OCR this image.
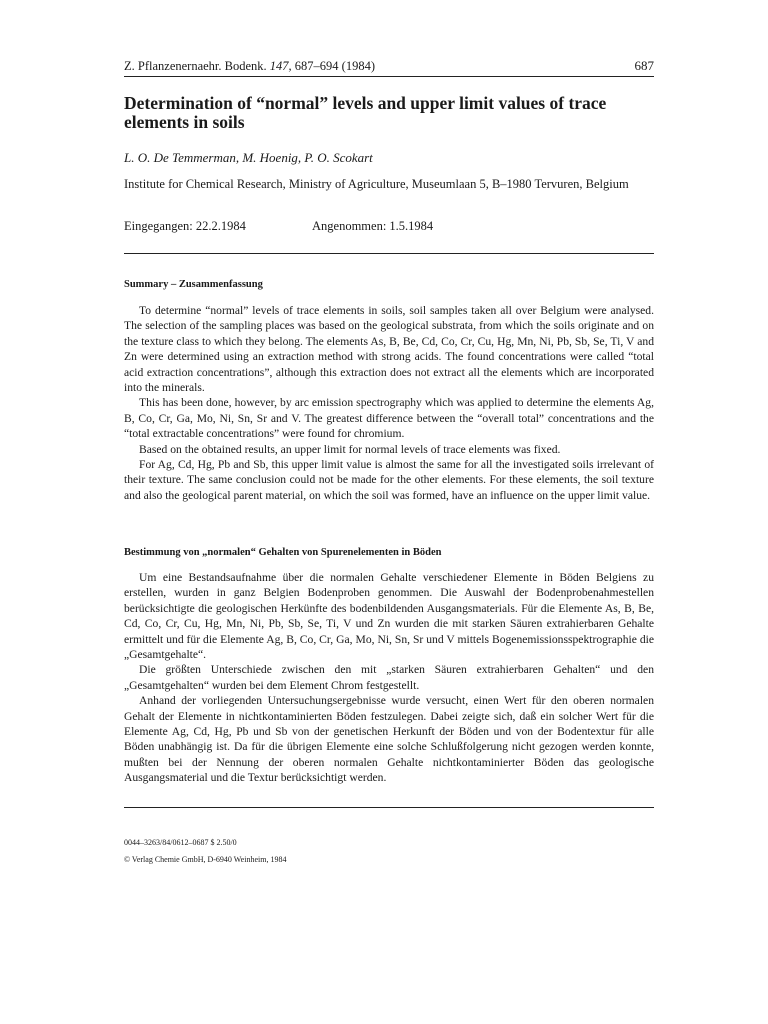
Z. Pflanzenernaehr. Bodenk. 147, 687–694 (1984)	687
Determination of “normal” levels and upper limit values of trace elements in soils
L. O. De Temmerman, M. Hoenig, P. O. Scokart
Institute for Chemical Research, Ministry of Agriculture, Museumlaan 5, B–1980 Tervuren, Belgium
Eingegangen: 22.2.1984	Angenommen: 1.5.1984
Summary – Zusammenfassung

To determine “normal” levels of trace elements in soils, soil samples taken all over Belgium were analysed. The selection of the sampling places was based on the geological substrata, from which the soils originate and on the texture class to which they belong. The elements As, B, Be, Cd, Co, Cr, Cu, Hg, Mn, Ni, Pb, Sb, Se, Ti, V and Zn were determined using an extraction method with strong acids. The found concentrations were called “total acid extraction concentrations”, although this extraction does not extract all the elements which are incorporated into the minerals.

This has been done, however, by arc emission spectrography which was applied to determine the elements Ag, B, Co, Cr, Ga, Mo, Ni, Sn, Sr and V. The greatest difference between the “overall total” concentrations and the “total extractable concentrations” were found for chromium.

Based on the obtained results, an upper limit for normal levels of trace elements was fixed.

For Ag, Cd, Hg, Pb and Sb, this upper limit value is almost the same for all the investigated soils irrelevant of their texture. The same conclusion could not be made for the other elements. For these elements, the soil texture and also the geological parent material, on which the soil was formed, have an influence on the upper limit value.

Bestimmung von „normalen“ Gehalten von Spurenelementen in Böden

Um eine Bestandsaufnahme über die normalen Gehalte verschiedener Elemente in Böden Belgiens zu erstellen, wurden in ganz Belgien Bodenproben genommen. Die Auswahl der Bodenprobenahmestellen berücksichtigte die geologischen Herkünfte des bodenbildenden Ausgangsmaterials. Für die Elemente As, B, Be, Cd, Co, Cr, Cu, Hg, Mn, Ni, Pb, Sb, Se, Ti, V und Zn wurden die mit starken Säuren extrahierbaren Gehalte ermittelt und für die Elemente Ag, B, Co, Cr, Ga, Mo, Ni, Sn, Sr und V mittels Bogenemissionsspektrographie die „Gesamtgehalte“.

Die größten Unterschiede zwischen den mit „starken Säuren extrahierbaren Gehalten“ und den „Gesamtgehalten“ wurden bei dem Element Chrom festgestellt.

Anhand der vorliegenden Untersuchungsergebnisse wurde versucht, einen Wert für den oberen normalen Gehalt der Elemente in nichtkontaminierten Böden festzulegen. Dabei zeigte sich, daß ein solcher Wert für die Elemente Ag, Cd, Hg, Pb und Sb von der genetischen Herkunft der Böden und von der Bodentextur für alle Böden unabhängig ist. Da für die übrigen Elemente eine solche Schlußfolgerung nicht gezogen werden konnte, mußten bei der Nennung der oberen normalen Gehalte nichtkontaminierter Böden das geologische Ausgangsmaterial und die Textur berücksichtigt werden.

0044–3263/84/0612–0687 $ 2.50/0
© Verlag Chemie GmbH, D-6940 Weinheim, 1984
